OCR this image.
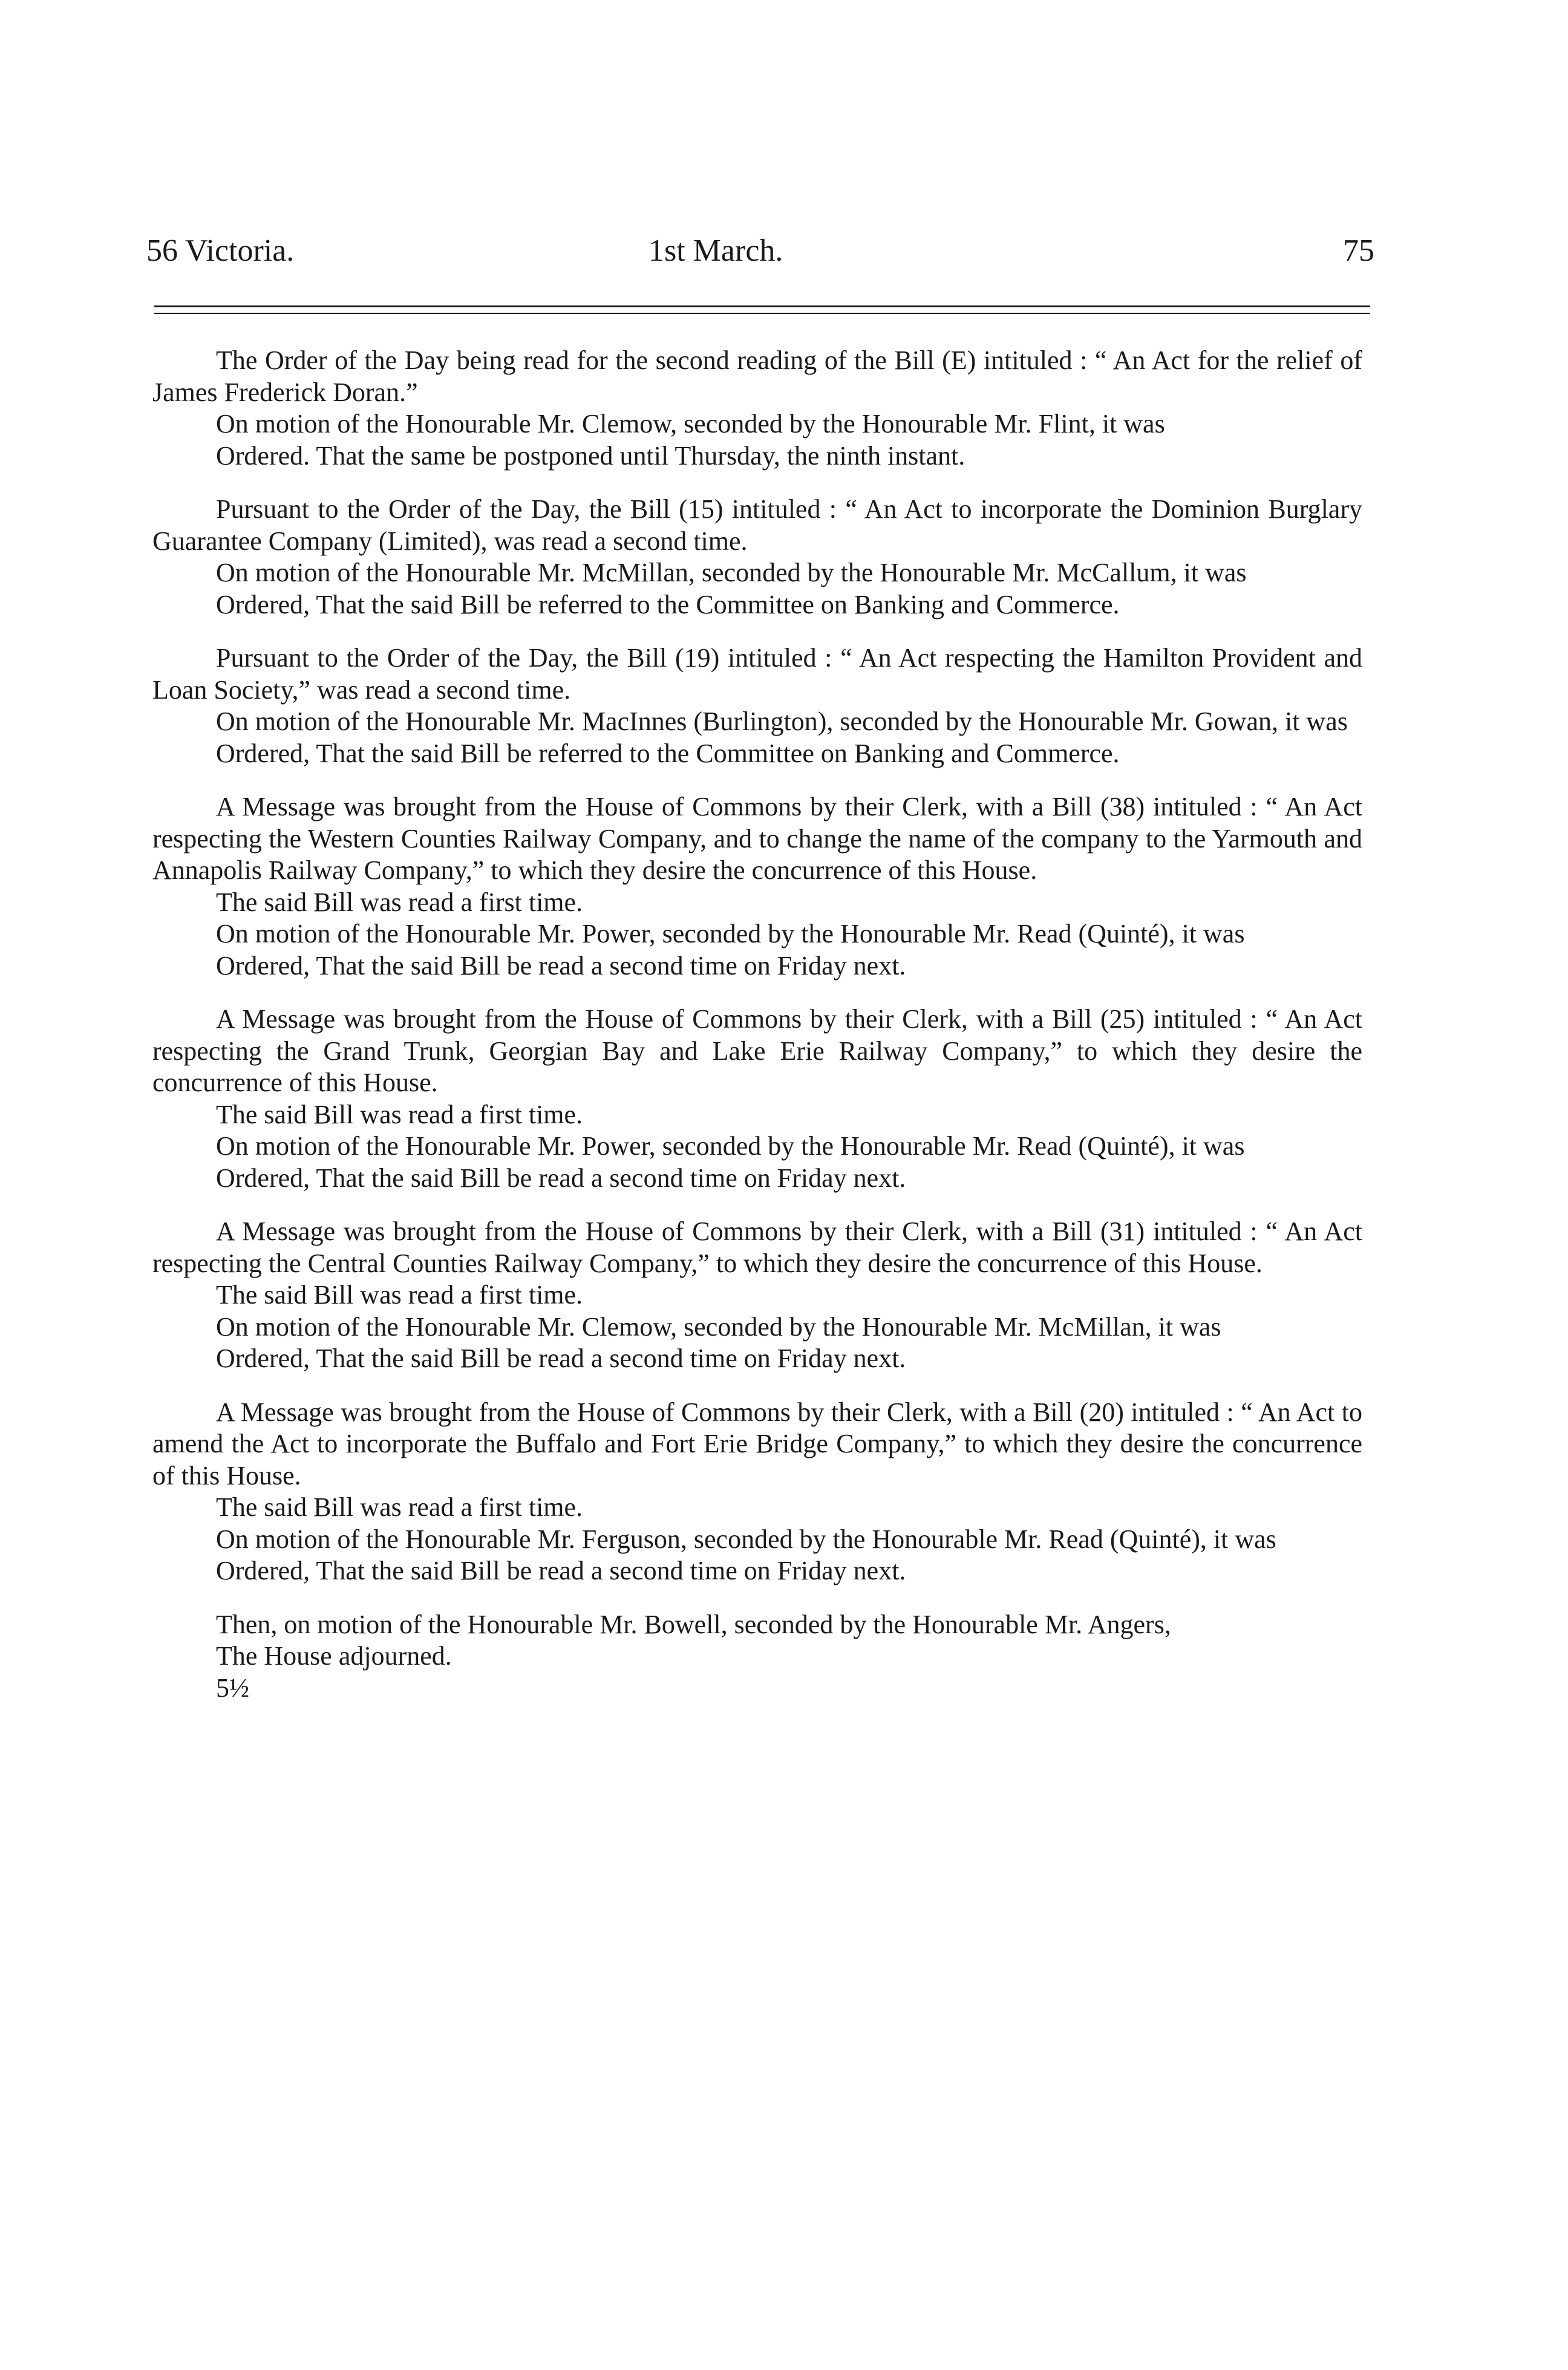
56 Victoria.	1st March.	75

The Order of the Day being read for the second reading of the Bill (E) intituled : “ An Act for the relief of James Frederick Doran.”

On motion of the Honourable Mr. Clemow, seconded by the Honourable Mr. Flint, it was

Ordered. That the same be postponed until Thursday, the ninth instant.

Pursuant to the Order of the Day, the Bill (15) intituled : “ An Act to incorporate the Dominion Burglary Guarantee Company (Limited), was read a second time.

On motion of the Honourable Mr. McMillan, seconded by the Honourable Mr. McCallum, it was

Ordered, That the said Bill be referred to the Committee on Banking and Commerce.

Pursuant to the Order of the Day, the Bill (19) intituled : “ An Act respecting the Hamilton Provident and Loan Society,” was read a second time.

On motion of the Honourable Mr. MacInnes (Burlington), seconded by the Honourable Mr. Gowan, it was

Ordered, That the said Bill be referred to the Committee on Banking and Commerce.

A Message was brought from the House of Commons by their Clerk, with a Bill (38) intituled : “ An Act respecting the Western Counties Railway Company, and to change the name of the company to the Yarmouth and Annapolis Railway Company,” to which they desire the concurrence of this House.

The said Bill was read a first time.

On motion of the Honourable Mr. Power, seconded by the Honourable Mr. Read (Quinté), it was

Ordered, That the said Bill be read a second time on Friday next.

A Message was brought from the House of Commons by their Clerk, with a Bill (25) intituled : “ An Act respecting the Grand Trunk, Georgian Bay and Lake Erie Railway Company,” to which they desire the concurrence of this House.

The said Bill was read a first time.

On motion of the Honourable Mr. Power, seconded by the Honourable Mr. Read (Quinté), it was

Ordered, That the said Bill be read a second time on Friday next.

A Message was brought from the House of Commons by their Clerk, with a Bill (31) intituled : “ An Act respecting the Central Counties Railway Company,” to which they desire the concurrence of this House.

The said Bill was read a first time.

On motion of the Honourable Mr. Clemow, seconded by the Honourable Mr. McMillan, it was

Ordered, That the said Bill be read a second time on Friday next.

A Message was brought from the House of Commons by their Clerk, with a Bill (20) intituled : “ An Act to amend the Act to incorporate the Buffalo and Fort Erie Bridge Company,” to which they desire the concurrence of this House.

The said Bill was read a first time.

On motion of the Honourable Mr. Ferguson, seconded by the Honourable Mr. Read (Quinté), it was

Ordered, That the said Bill be read a second time on Friday next.

Then, on motion of the Honourable Mr. Bowell, seconded by the Honourable Mr. Angers,

The House adjourned.

5½
